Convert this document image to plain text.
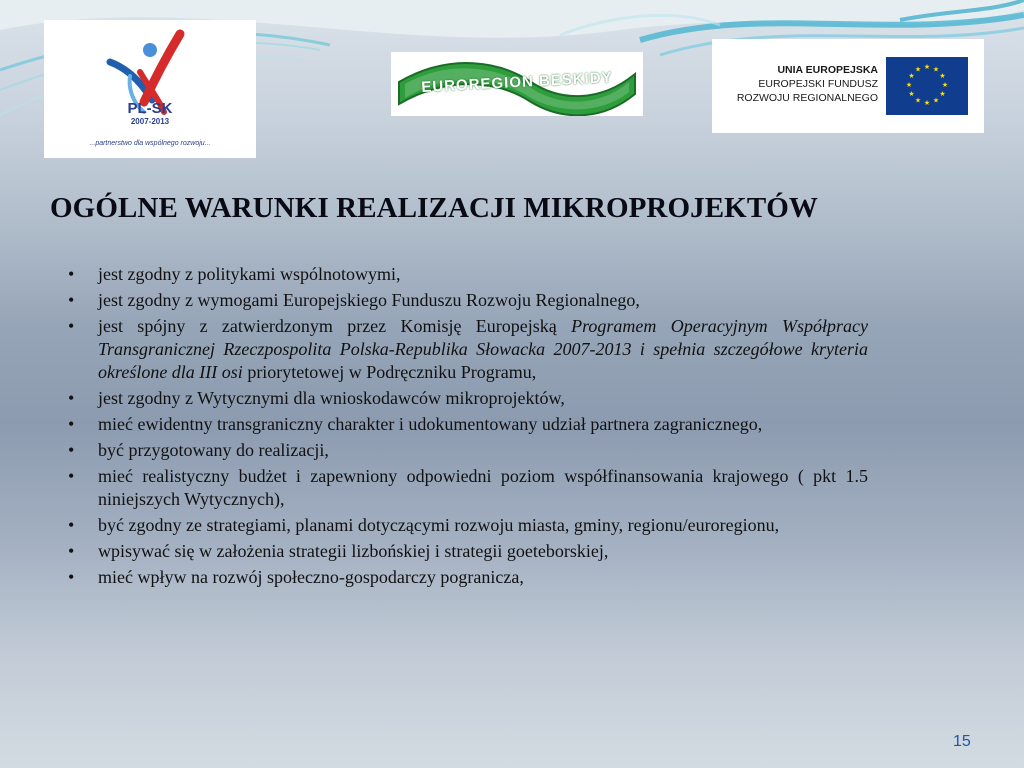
PL-SK
2007-2013
...partnerstwo dla wspólnego rozwoju...
EUROREGION BESKIDY	UNIA EUROPEJSKA
EUROPEJSKI FUNDUSZ
ROZWOJU REGIONALNEGO
★ ★
★
★
★
★
★
★
★
★
★
★
OGÓLNE WARUNKI REALIZACJI MIKROPROJEKTÓW
• jest zgodny z politykami wspólnotowymi,
• jest zgodny z wymogami Europejskiego Funduszu Rozwoju Regionalnego,
• jest spójny z zatwierdzonym przez Komisję Europejską Programem Operacyjnym Współpracy Transgranicznej Rzeczpospolita Polska-Republika Słowacka 2007-2013 i spełnia szczegółowe kryteria określone dla III osi priorytetowej w Podręczniku Programu,
• jest zgodny z Wytycznymi dla wnioskodawców mikroprojektów,
• mieć ewidentny transgraniczny charakter i udokumentowany udział partnera zagranicznego,
• być przygotowany do realizacji,
• mieć realistyczny budżet i zapewniony odpowiedni poziom współfinansowania krajowego ( pkt 1.5 niniejszych Wytycznych),
• być zgodny ze strategiami, planami dotyczącymi rozwoju miasta, gminy, regionu/euroregionu,
• wpisywać się w założenia strategii lizbońskiej i strategii goeteborskiej,
• mieć wpływ na rozwój społeczno-gospodarczy pogranicza,
15
